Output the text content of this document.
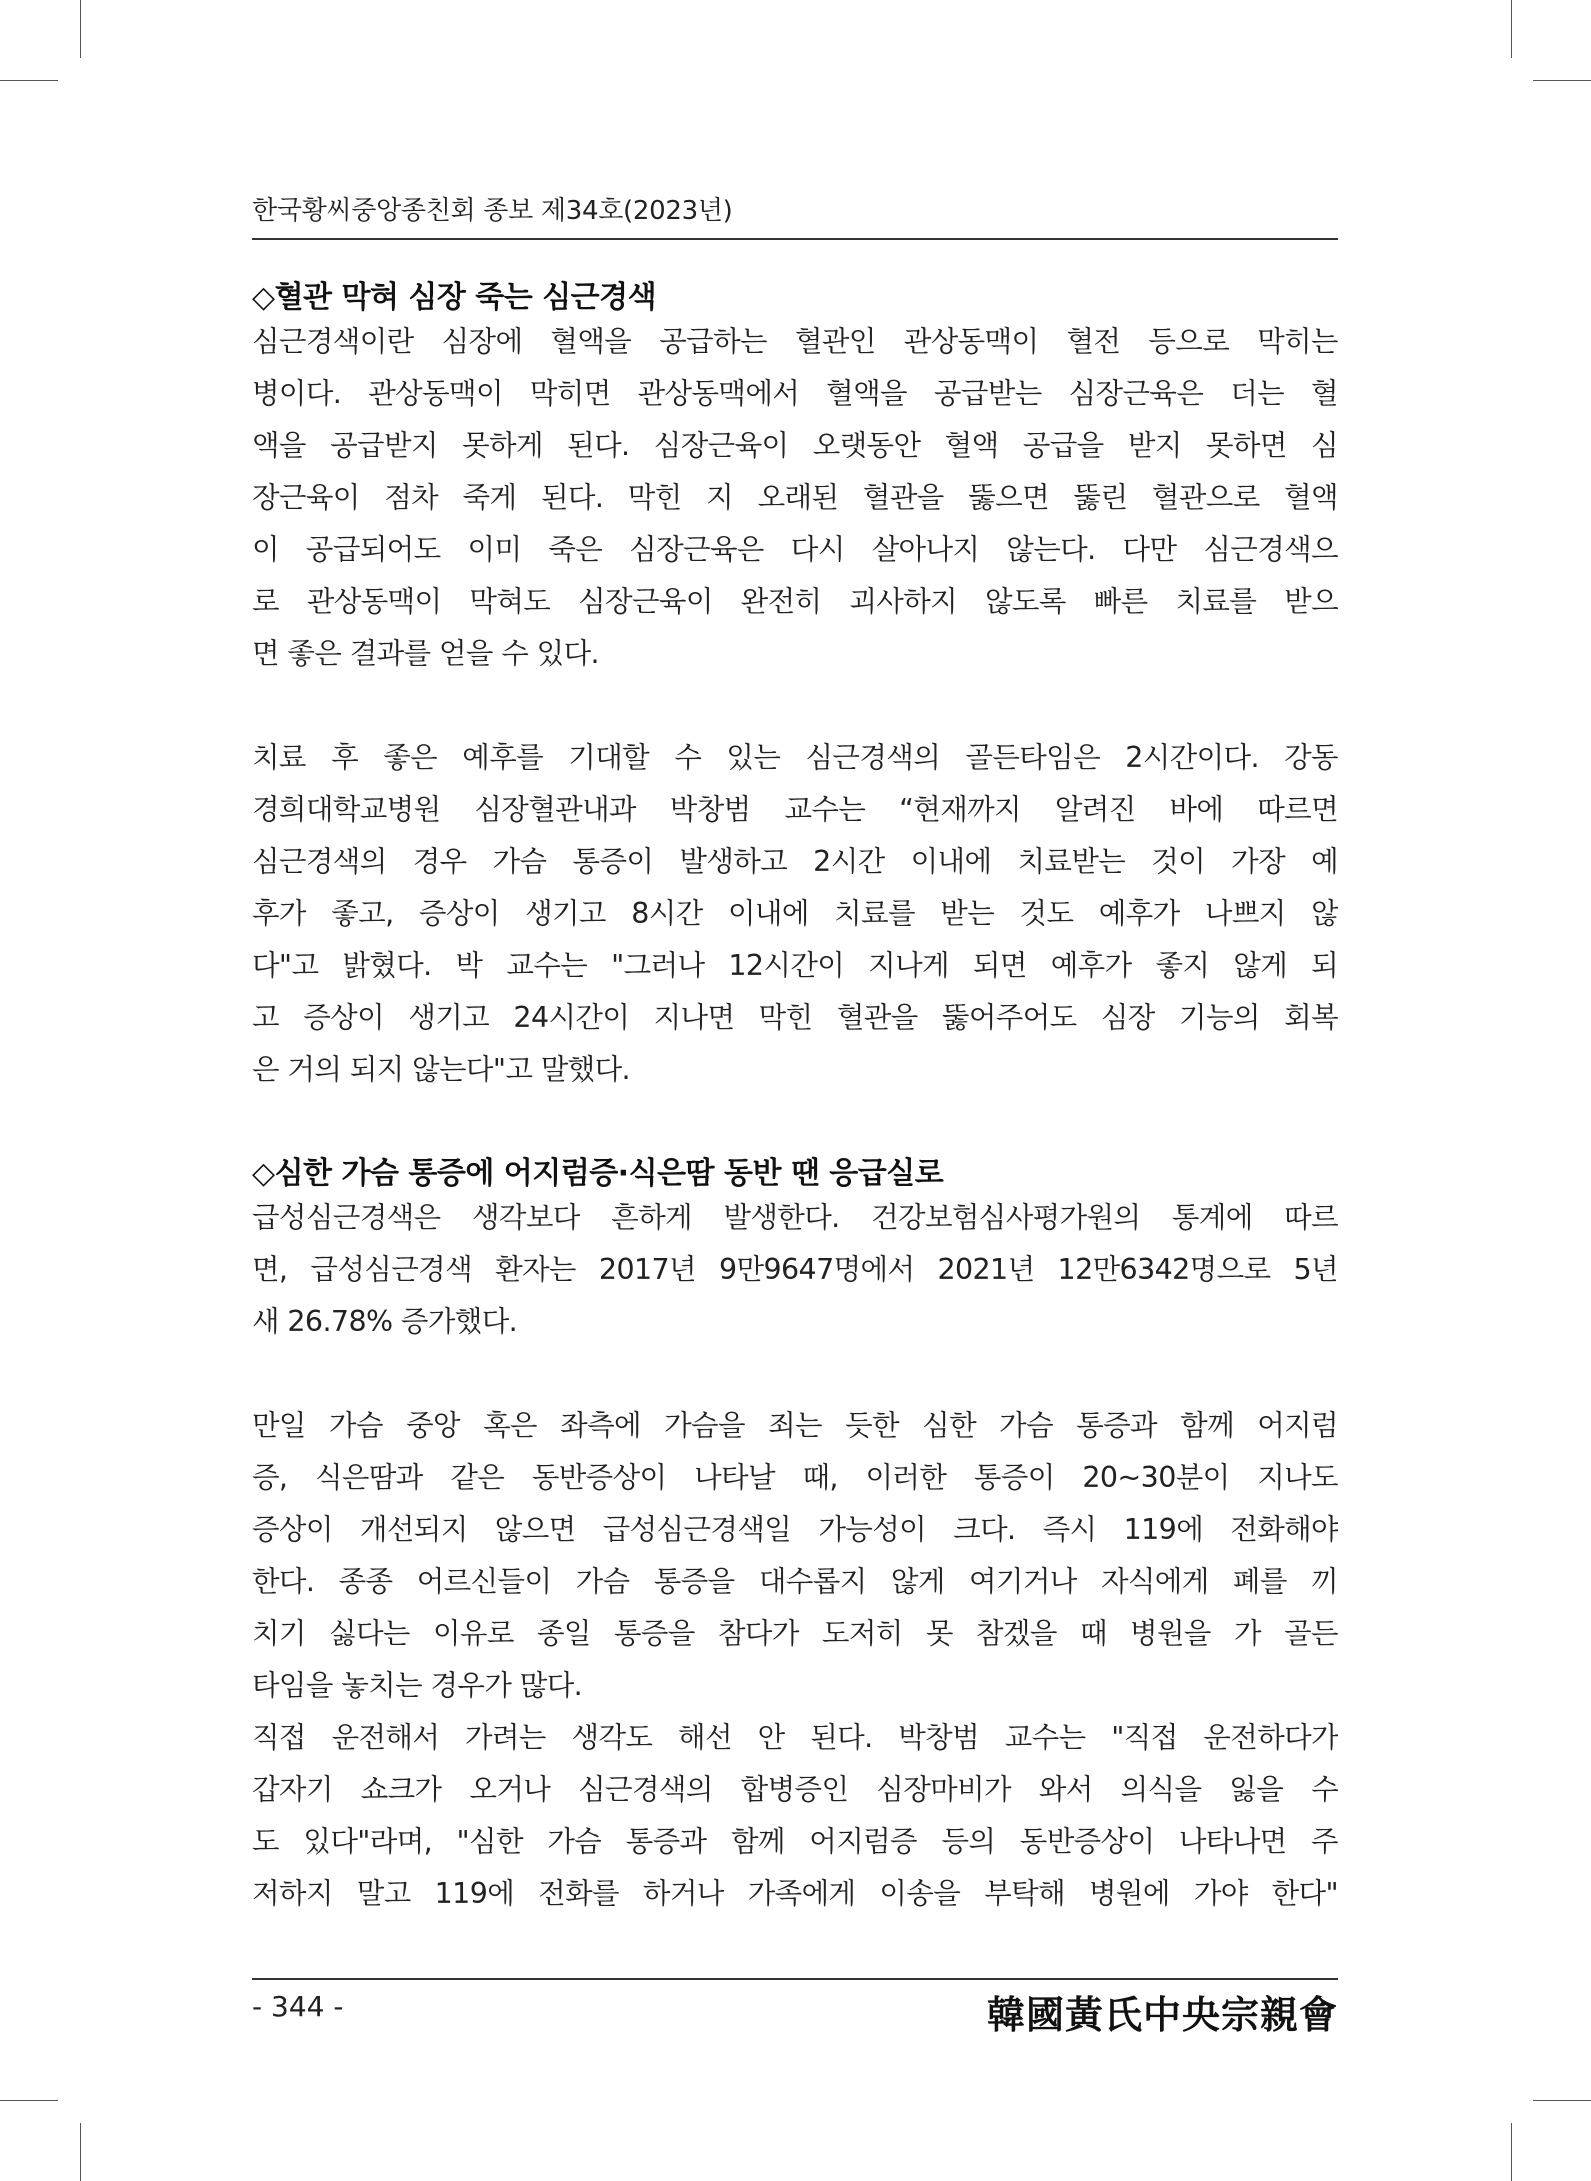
한국황씨중앙종친회 종보 제34호(2023년)
◇혈관 막혀 심장 죽는 심근경색
심근경색이란 심장에 혈액을 공급하는 혈관인 관상동맥이 혈전 등으로 막히는
병이다. 관상동맥이 막히면 관상동맥에서 혈액을 공급받는 심장근육은 더는 혈
액을 공급받지 못하게 된다. 심장근육이 오랫동안 혈액 공급을 받지 못하면 심
장근육이 점차 죽게 된다. 막힌 지 오래된 혈관을 뚫으면 뚫린 혈관으로 혈액
이 공급되어도 이미 죽은 심장근육은 다시 살아나지 않는다. 다만 심근경색으
로 관상동맥이 막혀도 심장근육이 완전히 괴사하지 않도록 빠른 치료를 받으
면 좋은 결과를 얻을 수 있다.
치료 후 좋은 예후를 기대할 수 있는 심근경색의 골든타임은 2시간이다. 강동
경희대학교병원 심장혈관내과 박창범 교수는 “현재까지 알려진 바에 따르면
심근경색의 경우 가슴 통증이 발생하고 2시간 이내에 치료받는 것이 가장 예
후가 좋고, 증상이 생기고 8시간 이내에 치료를 받는 것도 예후가 나쁘지 않
다"고 밝혔다. 박 교수는 "그러나 12시간이 지나게 되면 예후가 좋지 않게 되
고 증상이 생기고 24시간이 지나면 막힌 혈관을 뚫어주어도 심장 기능의 회복
은 거의 되지 않는다"고 말했다.
◇심한 가슴 통증에 어지럼증·식은땀 동반 땐 응급실로
급성심근경색은 생각보다 흔하게 발생한다. 건강보험심사평가원의 통계에 따르
면, 급성심근경색 환자는 2017년 9만9647명에서 2021년 12만6342명으로 5년
새 26.78% 증가했다.
만일 가슴 중앙 혹은 좌측에 가슴을 죄는 듯한 심한 가슴 통증과 함께 어지럼
증, 식은땀과 같은 동반증상이 나타날 때, 이러한 통증이 20~30분이 지나도
증상이 개선되지 않으면 급성심근경색일 가능성이 크다. 즉시 119에 전화해야
한다. 종종 어르신들이 가슴 통증을 대수롭지 않게 여기거나 자식에게 폐를 끼
치기 싫다는 이유로 종일 통증을 참다가 도저히 못 참겠을 때 병원을 가 골든
타임을 놓치는 경우가 많다.
직접 운전해서 가려는 생각도 해선 안 된다. 박창범 교수는 "직접 운전하다가
갑자기 쇼크가 오거나 심근경색의 합병증인 심장마비가 와서 의식을 잃을 수
도 있다"라며, "심한 가슴 통증과 함께 어지럼증 등의 동반증상이 나타나면 주
저하지 말고 119에 전화를 하거나 가족에게 이송을 부탁해 병원에 가야 한다"
- 344 -	韓國黃氏中央宗親會
